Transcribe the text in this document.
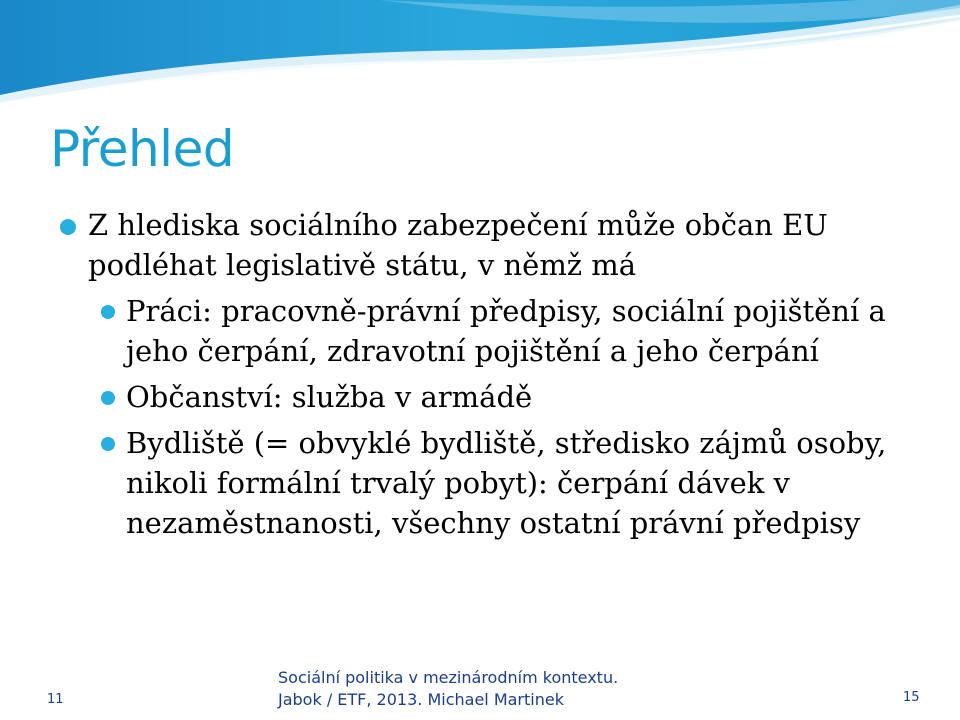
Přehled
Z hlediska sociálního zabezpečení může občan EU podléhat legislativě státu, v němž má
Práci: pracovně-právní předpisy, sociální pojištění a jeho čerpání, zdravotní pojištění a jeho čerpání
Občanství: služba v armádě
Bydliště (= obvyklé bydliště, středisko zájmů osoby, nikoli formální trvalý pobyt): čerpání dávek v nezaměstnanosti, všechny ostatní právní předpisy
11
Sociální politika v mezinárodním kontextu.
Jabok / ETF, 2013. Michael Martinek	15
